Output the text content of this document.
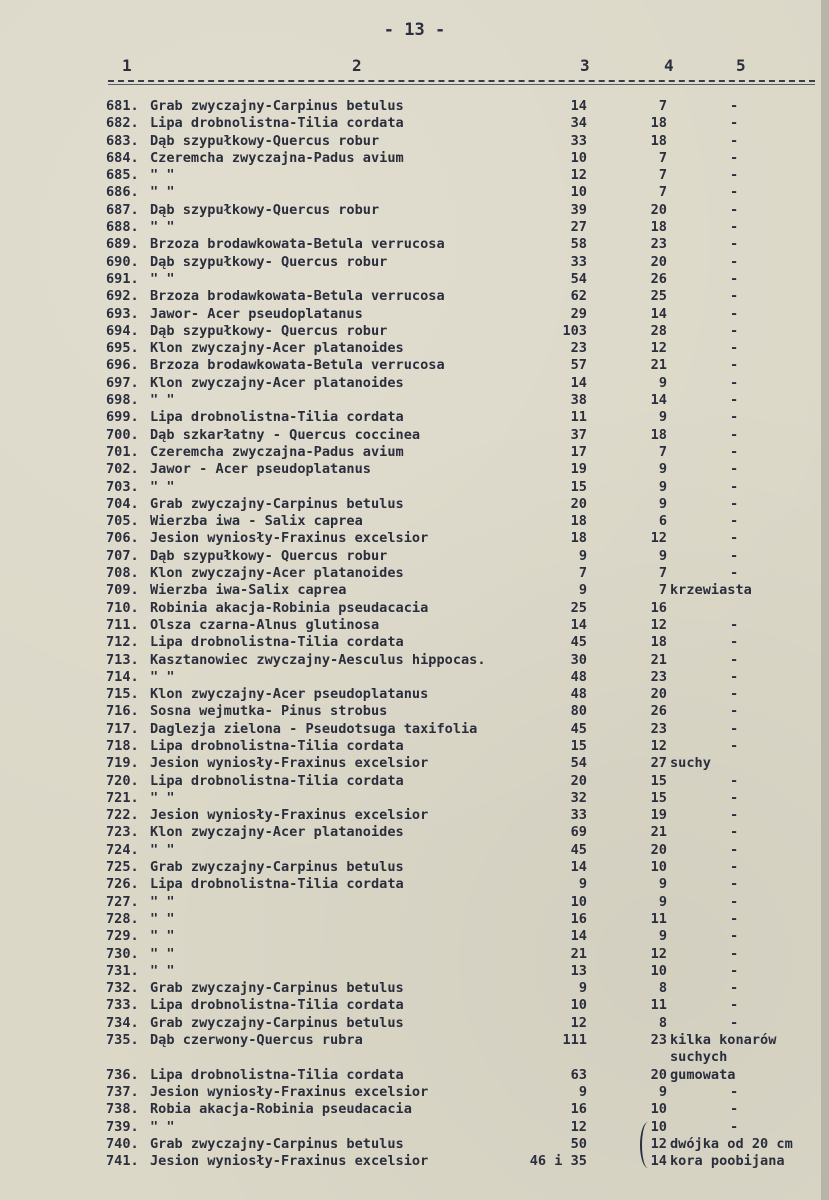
- 13 -
1	2	3	4	5
681. Grab zwyczajny-Carpinus betulus	14	7	-
682. Lipa drobnolistna-Tilia cordata	34	18	-
683. Dąb szypułkowy-Quercus robur	33	18	-
684. Czeremcha zwyczajna-Padus avium	10	7	-
685. " "	12	7	-
686. " "	10	7	-
687. Dąb szypułkowy-Quercus robur	39	20	-
688. " "	27	18	-
689. Brzoza brodawkowata-Betula verrucosa	58	23	-
690. Dąb szypułkowy- Quercus robur	33	20	-
691. " "	54	26	-
692. Brzoza brodawkowata-Betula verrucosa	62	25	-
693. Jawor- Acer pseudoplatanus	29	14	-
694. Dąb szypułkowy- Quercus robur	103	28	-
695. Klon zwyczajny-Acer platanoides	23	12	-
696. Brzoza brodawkowata-Betula verrucosa	57	21	-
697. Klon zwyczajny-Acer platanoides	14	9	-
698. " "	38	14	-
699. Lipa drobnolistna-Tilia cordata	11	9	-
700. Dąb szkarłatny - Quercus coccinea	37	18	-
701. Czeremcha zwyczajna-Padus avium	17	7	-
702. Jawor - Acer pseudoplatanus	19	9	-
703. " "	15	9	-
704. Grab zwyczajny-Carpinus betulus	20	9	-
705. Wierzba iwa - Salix caprea	18	6	-
706. Jesion wyniosły-Fraxinus excelsior	18	12	-
707. Dąb szypułkowy- Quercus robur	9	9	-
708. Klon zwyczajny-Acer platanoides	7	7	-
709. Wierzba iwa-Salix caprea	9	7 krzewiasta
710. Robinia akacja-Robinia pseudacacia	25	16
711. Olsza czarna-Alnus glutinosa	14	12	-
712. Lipa drobnolistna-Tilia cordata	45	18	-
713. Kasztanowiec zwyczajny-Aesculus hippocas.	30	21	-
714. " "	48	23	-
715. Klon zwyczajny-Acer pseudoplatanus	48	20	-
716. Sosna wejmutka- Pinus strobus	80	26	-
717. Daglezja zielona - Pseudotsuga taxifolia	45	23	-
718. Lipa drobnolistna-Tilia cordata	15	12	-
719. Jesion wyniosły-Fraxinus excelsior	54	27 suchy
720. Lipa drobnolistna-Tilia cordata	20	15	-
721. " "	32	15	-
722. Jesion wyniosły-Fraxinus excelsior	33	19	-
723. Klon zwyczajny-Acer platanoides	69	21	-
724. " "	45	20	-
725. Grab zwyczajny-Carpinus betulus	14	10	-
726. Lipa drobnolistna-Tilia cordata	9	9	-
727. " "	10	9	-
728. " "	16	11	-
729. " "	14	9	-
730. " "	21	12	-
731. " "	13	10	-
732. Grab zwyczajny-Carpinus betulus	9	8	-
733. Lipa drobnolistna-Tilia cordata	10	11	-
734. Grab zwyczajny-Carpinus betulus	12	8	-
735. Dąb czerwony-Quercus rubra	111	23 kilka konarów suchych
736. Lipa drobnolistna-Tilia cordata	63	20 gumowata
737. Jesion wyniosły-Fraxinus excelsior	9	9	-
738. Robia akacja-Robinia pseudacacia	16	10	-
739. " "	12	10	-
740. Grab zwyczajny-Carpinus betulus	50	12 dwójka od 20 cm
741. Jesion wyniosły-Fraxinus excelsior	46 i 35	14 kora poobijana
